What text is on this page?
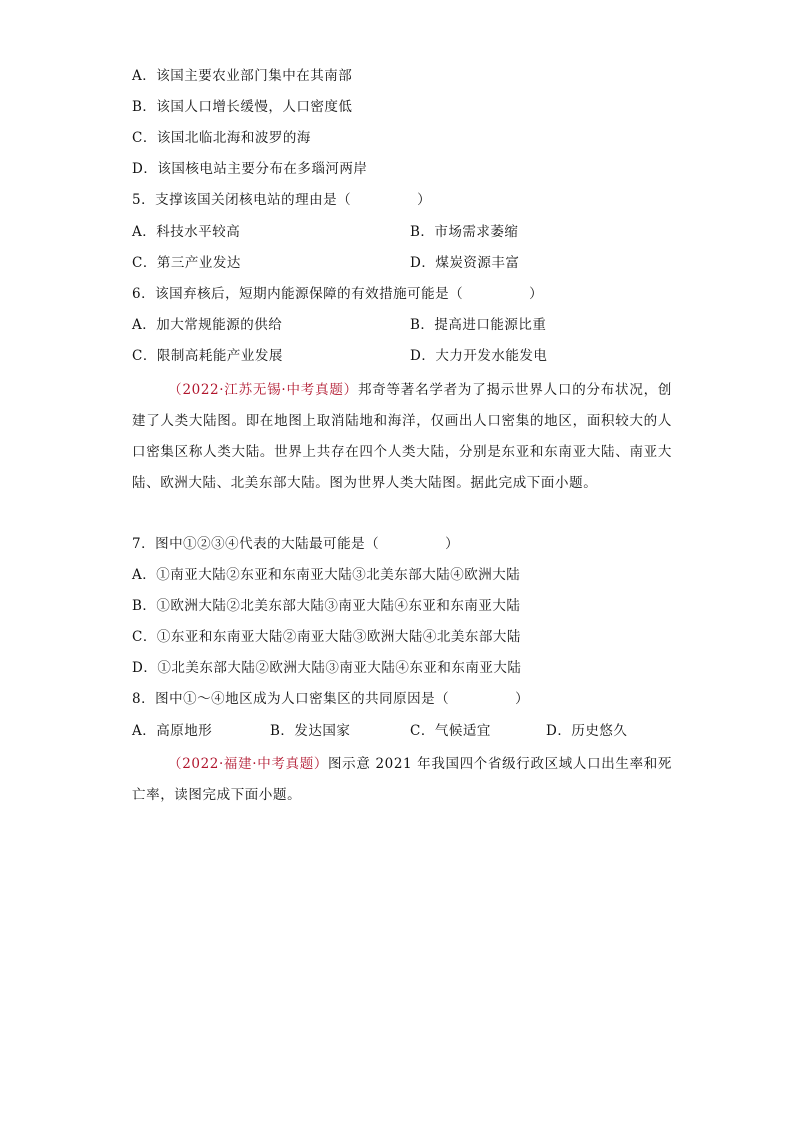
A．该国主要农业部门集中在其南部
B．该国人口增长缓慢，人口密度低
C．该国北临北海和波罗的海
D．该国核电站主要分布在多瑙河两岸
5．支撑该国关闭核电站的理由是（	）
A．科技水平较高	B．市场需求萎缩
C．第三产业发达	D．煤炭资源丰富
6．该国弃核后，短期内能源保障的有效措施可能是（	）
A．加大常规能源的供给	B．提高进口能源比重
C．限制高耗能产业发展	D．大力开发水能发电
（2022·江苏无锡·中考真题）邦奇等著名学者为了揭示世界人口的分布状况，创建了人类大陆图。即在地图上取消陆地和海洋，仅画出人口密集的地区，面积较大的人口密集区称人类大陆。世界上共存在四个人类大陆，分别是东亚和东南亚大陆、南亚大陆、欧洲大陆、北美东部大陆。图为世界人类大陆图。据此完成下面小题。
7．图中①②③④代表的大陆最可能是（	）
A．①南亚大陆②东亚和东南亚大陆③北美东部大陆④欧洲大陆
B．①欧洲大陆②北美东部大陆③南亚大陆④东亚和东南亚大陆
C．①东亚和东南亚大陆②南亚大陆③欧洲大陆④北美东部大陆
D．①北美东部大陆②欧洲大陆③南亚大陆④东亚和东南亚大陆
8．图中①～④地区成为人口密集区的共同原因是（	）
A．高原地形	B．发达国家	C．气候适宜	D．历史悠久
（2022·福建·中考真题）图示意 2021 年我国四个省级行政区域人口出生率和死亡率，读图完成下面小题。
